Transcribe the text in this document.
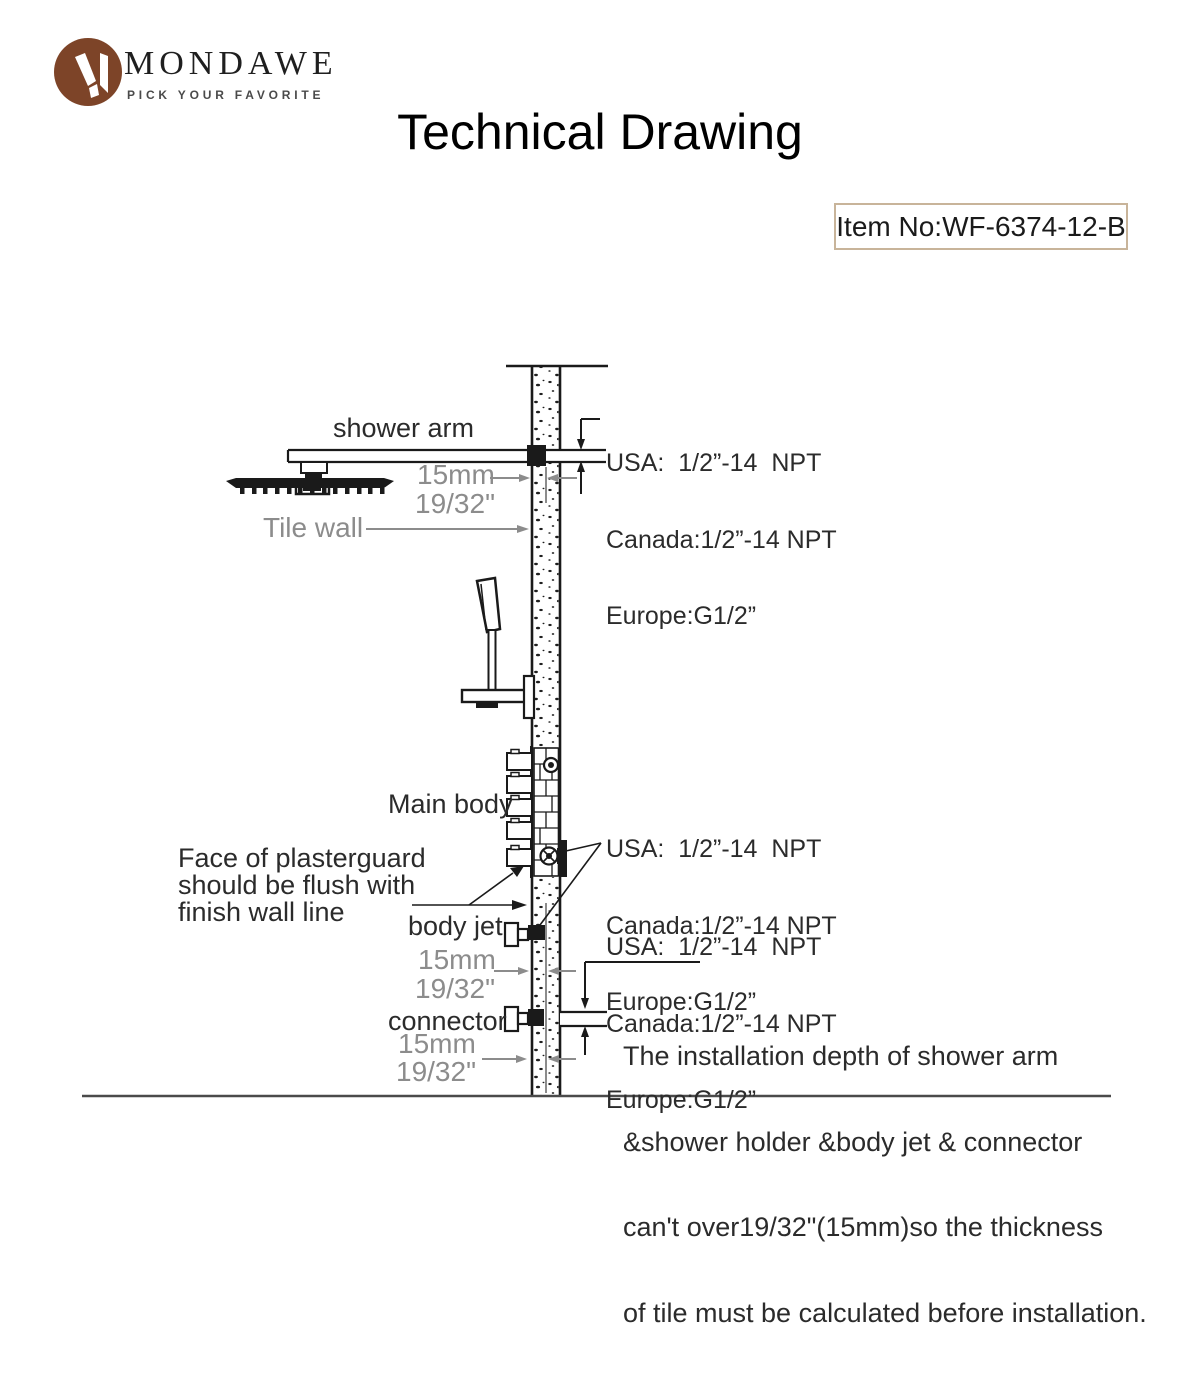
MONDAWE
PICK YOUR FAVORITE
Technical Drawing
Item No:WF-6374-12-B
shower arm
15mm
19/32"
Tile wall
Main body
Face of plasterguard
should be flush with
finish wall line body jet
15mm
19/32"
connector
15mm
19/32"

USA:  1/2”-14  NPT

Canada:1/2”-14 NPT

Europe:G1/2”

USA:  1/2”-14  NPT

Canada:1/2”-14 NPT

Europe:G1/2”

USA:  1/2”-14  NPT

Canada:1/2”-14 NPT

Europe:G1/2”

The installation depth of shower arm

&shower holder &body jet & connector

can't over19/32"(15mm)so the thickness

of tile must be calculated before installation.
